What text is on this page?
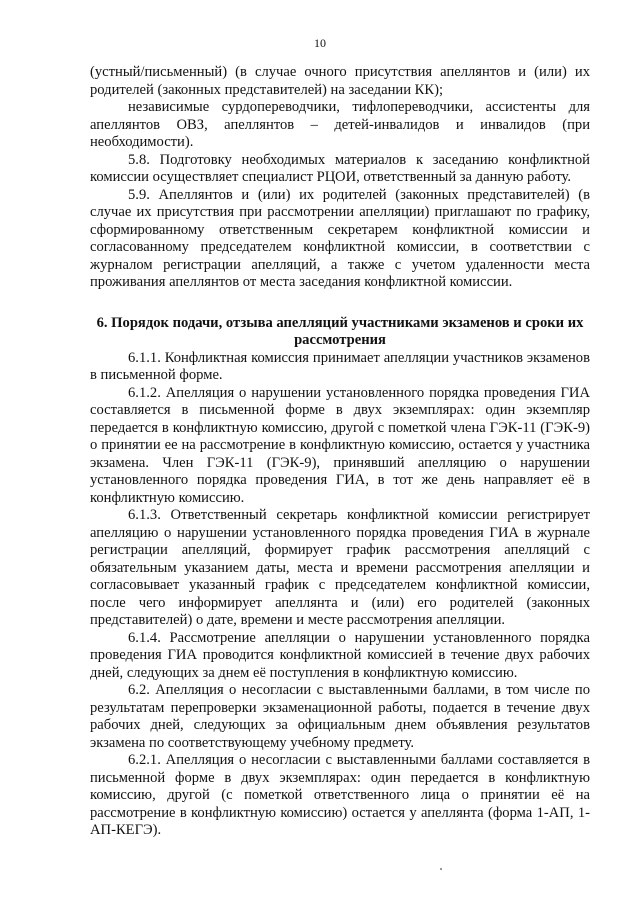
10

(устный/письменный) (в случае очного присутствия апеллянтов и (или) их родителей (законных представителей) на заседании КК);

независимые сурдопереводчики, тифлопереводчики, ассистенты для апеллянтов ОВЗ, апеллянтов – детей-инвалидов и инвалидов (при необходимости).

5.8. Подготовку необходимых материалов к заседанию конфликтной комиссии осуществляет специалист РЦОИ, ответственный за данную работу.

5.9. Апеллянтов и (или) их родителей (законных представителей) (в случае их присутствия при рассмотрении апелляции) приглашают по графику, сформированному ответственным секретарем конфликтной комиссии и согласованному председателем конфликтной комиссии, в соответствии с журналом регистрации апелляций, а также с учетом удаленности места проживания апеллянтов от места заседания конфликтной комиссии.

6. Порядок подачи, отзыва апелляций участниками экзаменов и сроки их рассмотрения

6.1.1. Конфликтная комиссия принимает апелляции участников экзаменов в письменной форме.

6.1.2. Апелляция о нарушении установленного порядка проведения ГИА составляется в письменной форме в двух экземплярах: один экземпляр передается в конфликтную комиссию, другой с пометкой члена ГЭК-11 (ГЭК-9) о принятии ее на рассмотрение в конфликтную комиссию, остается у участника экзамена. Член ГЭК-11 (ГЭК-9), принявший апелляцию о нарушении установленного порядка проведения ГИА, в тот же день направляет её в конфликтную комиссию.

6.1.3. Ответственный секретарь конфликтной комиссии регистрирует апелляцию о нарушении установленного порядка проведения ГИА в журнале регистрации апелляций, формирует график рассмотрения апелляций с обязательным указанием даты, места и времени рассмотрения апелляции и согласовывает указанный график с председателем конфликтной комиссии, после чего информирует апеллянта и (или) его родителей (законных представителей) о дате, времени и месте рассмотрения апелляции.

6.1.4. Рассмотрение апелляции о нарушении установленного порядка проведения ГИА проводится конфликтной комиссией в течение двух рабочих дней, следующих за днем её поступления в конфликтную комиссию.

6.2. Апелляция о несогласии с выставленными баллами, в том числе по результатам перепроверки экзаменационной работы, подается в течение двух рабочих дней, следующих за официальным днем объявления результатов экзамена по соответствующему учебному предмету.

6.2.1. Апелляция о несогласии с выставленными баллами составляется в письменной форме в двух экземплярах: один передается в конфликтную комиссию, другой (с пометкой ответственного лица о принятии её на рассмотрение в конфликтную комиссию) остается у апеллянта (форма 1-АП, 1-АП-КЕГЭ).
